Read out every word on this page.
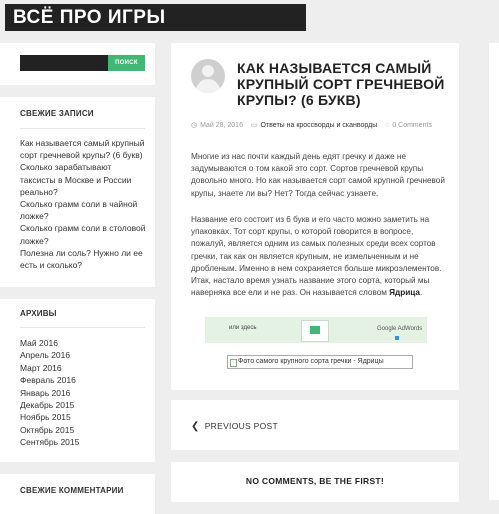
ВСЁ ПРО ИГРЫ
ПОИСК
СВЕЖИЕ ЗАПИСИ
Как называется самый крупный сорт гречневой крупы? (6 букв)
Сколько зарабатывают таксисты в Москве и России реально?
Сколько грамм соли в чайной ложке?
Сколько грамм соли в столовой ложке?
Полезна ли соль? Нужно ли ее есть и сколько?
АРХИВЫ
Май 2016
Апрель 2016
Март 2016
Февраль 2016
Январь 2016
Декабрь 2015
Ноябрь 2015
Октябрь 2015
Сентябрь 2015
СВЕЖИЕ КОММЕНТАРИИ
КАК НАЗЫВАЕТСЯ САМЫЙ КРУПНЫЙ СОРТ ГРЕЧНЕВОЙ КРУПЫ? (6 БУКВ)
◷ Май 28, 2016 ▭ Ответы на кроссворды и сканворды ◌ 0 Comments

Многие из нас почти каждый день едят гречку и даже не задумываются о том какой это сорт. Сортов гречневой крупы довольно много. Но как называется сорт самой крупной гречневой крупы, знаете ли вы? Нет? Тогда сейчас узнаете.

Название его состоит из 6 букв и его часто можно заметить на упаковках. Тот сорт крупы, о которой говорится в вопросе, пожалуй, является одним из самых полезных среди всех сортов гречки, так как он является крупным, не измельченным и не дробленым. Именно в нем сохраняется больше микроэлементов. Итак, настало время узнать название этого сорта, который мы наверняка все ели и не раз. Он называется словом Ядрица.

или здесь	Google AdWords
Фото самого крупного сорта гречки - Ядрицы
❮ PREVIOUS POST
NO COMMENTS, BE THE FIRST!
